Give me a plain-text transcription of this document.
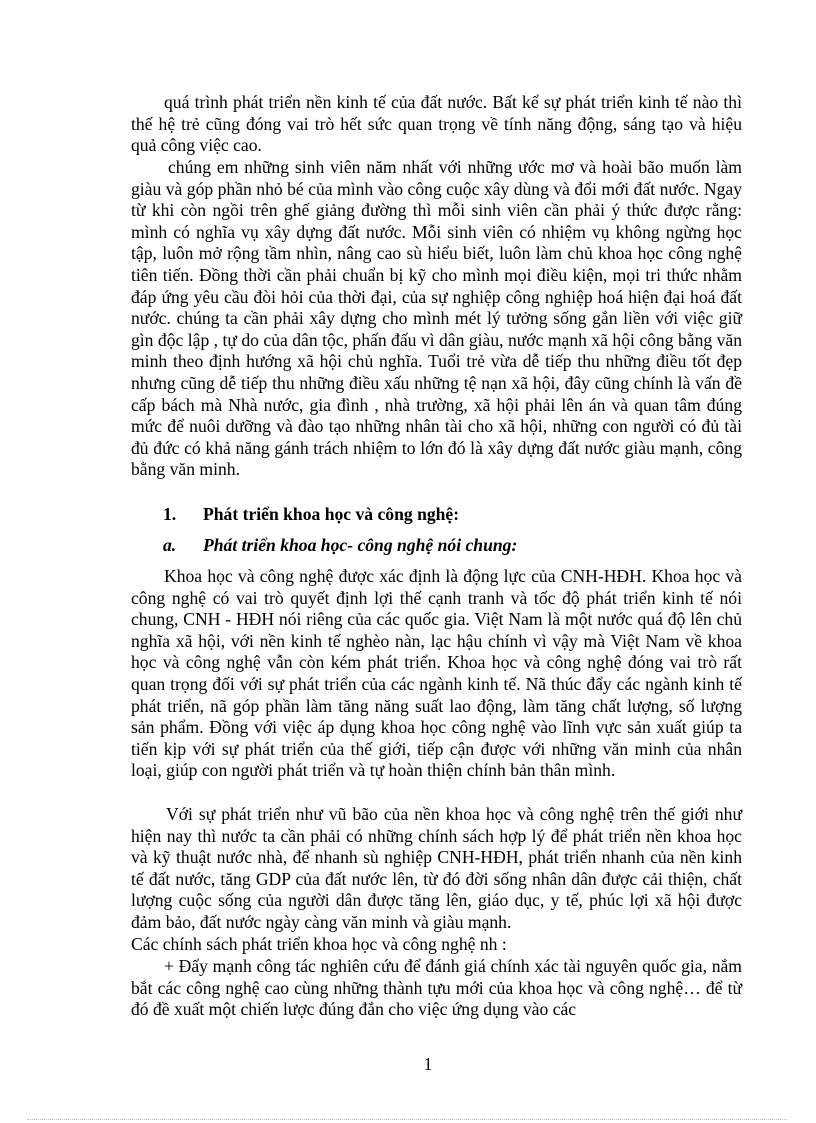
quá trình phát triển nền kinh tế của đất nước. Bất kể sự phát triển kinh tế nào thì thế hệ trẻ cũng đóng vai trò hết sức quan trọng về tính năng động, sáng tạo và hiệu quả công việc cao.

chúng em những sinh viên năm nhất với những ước mơ và hoài bão muốn làm giàu và góp phần nhỏ bé của mình vào công cuộc xây dùng và đổi mới đất nước. Ngay từ khi còn ngồi trên ghế giảng đường thì mỗi sinh viên cần phải ý thức được rằng: mình có nghĩa vụ xây dựng đất nước. Mỗi sinh viên có nhiệm vụ không ngừng học tập, luôn mở rộng tầm nhìn, nâng cao sù hiểu biết, luôn làm chủ khoa học công nghệ tiên tiến. Đồng thời cần phải chuẩn bị kỹ cho mình mọi điều kiện, mọi tri thức nhằm đáp ứng yêu cầu đòi hỏi của thời đại, của sự nghiệp công nghiệp hoá hiện đại hoá đất nước. chúng ta cần phải xây dựng cho mình mét lý tưởng sống gắn liền với việc giữ gìn độc lập , tự do của dân tộc, phấn đấu vì dân giàu, nước mạnh xã hội công bằng văn minh theo định hướng xã hội chủ nghĩa. Tuổi trẻ vừa dễ tiếp thu những điều tốt đẹp nhưng cũng dễ tiếp thu những điều xấu những tệ nạn xã hội, đây cũng chính là vấn đề cấp bách mà Nhà nước, gia đình , nhà trường, xã hội phải lên án và quan tâm đúng mức để nuôi dưỡng và đào tạo những nhân tài cho xã hội, những con người có đủ tài đủ đức có khả năng gánh trách nhiệm to lớn đó là xây dựng đất nước giàu mạnh, công bằng văn minh.

1. Phát triển khoa học và công nghệ:
a. Phát triển khoa học- công nghệ nói chung:

Khoa học và công nghệ được xác định là động lực của CNH-HĐH. Khoa học và công nghệ có vai trò quyết định lợi thế cạnh tranh và tốc độ phát triển kinh tế nói chung, CNH - HĐH nói riêng của các quốc gia. Việt Nam là một nước quá độ lên chủ nghĩa xã hội, với nền kinh tế nghèo nàn, lạc hậu chính vì vậy mà Việt Nam về khoa học và công nghệ vẫn còn kém phát triển. Khoa học và công nghệ đóng vai trò rất quan trọng đối với sự phát triển của các ngành kinh tế. Nã thúc đẩy các ngành kinh tế phát triển, nã góp phần làm tăng năng suất lao động, làm tăng chất lượng, số lượng sản phẩm. Đồng với việc áp dụng khoa học công nghệ vào lĩnh vực sản xuất giúp ta tiến kịp với sự phát triển của thế giới, tiếp cận được với những văn minh của nhân loại, giúp con người phát triển và tự hoàn thiện chính bản thân mình.

Với sự phát triển như vũ bão của nền khoa học và công nghệ trên thế giới như hiện nay thì nước ta cần phải có những chính sách hợp lý để phát triển nền khoa học và kỹ thuật nước nhà, để nhanh sù nghiệp CNH-HĐH, phát triển nhanh của nền kinh tế đất nước, tăng GDP của đất nước lên, từ đó đời sống nhân dân được cải thiện, chất lượng cuộc sống của người dân được tăng lên, giáo dục, y tế, phúc lợi xã hội được đảm bảo, đất nước ngày càng văn minh và giàu mạnh.

Các chính sách phát triển khoa học và công nghệ nh :

+ Đẩy mạnh công tác nghiên cứu để đánh giá chính xác tài nguyên quốc gia, nắm bắt các công nghệ cao cùng những thành tựu mới của khoa học và công nghệ… để từ đó đề xuất một chiến lược đúng đắn cho việc ứng dụng vào các

1
